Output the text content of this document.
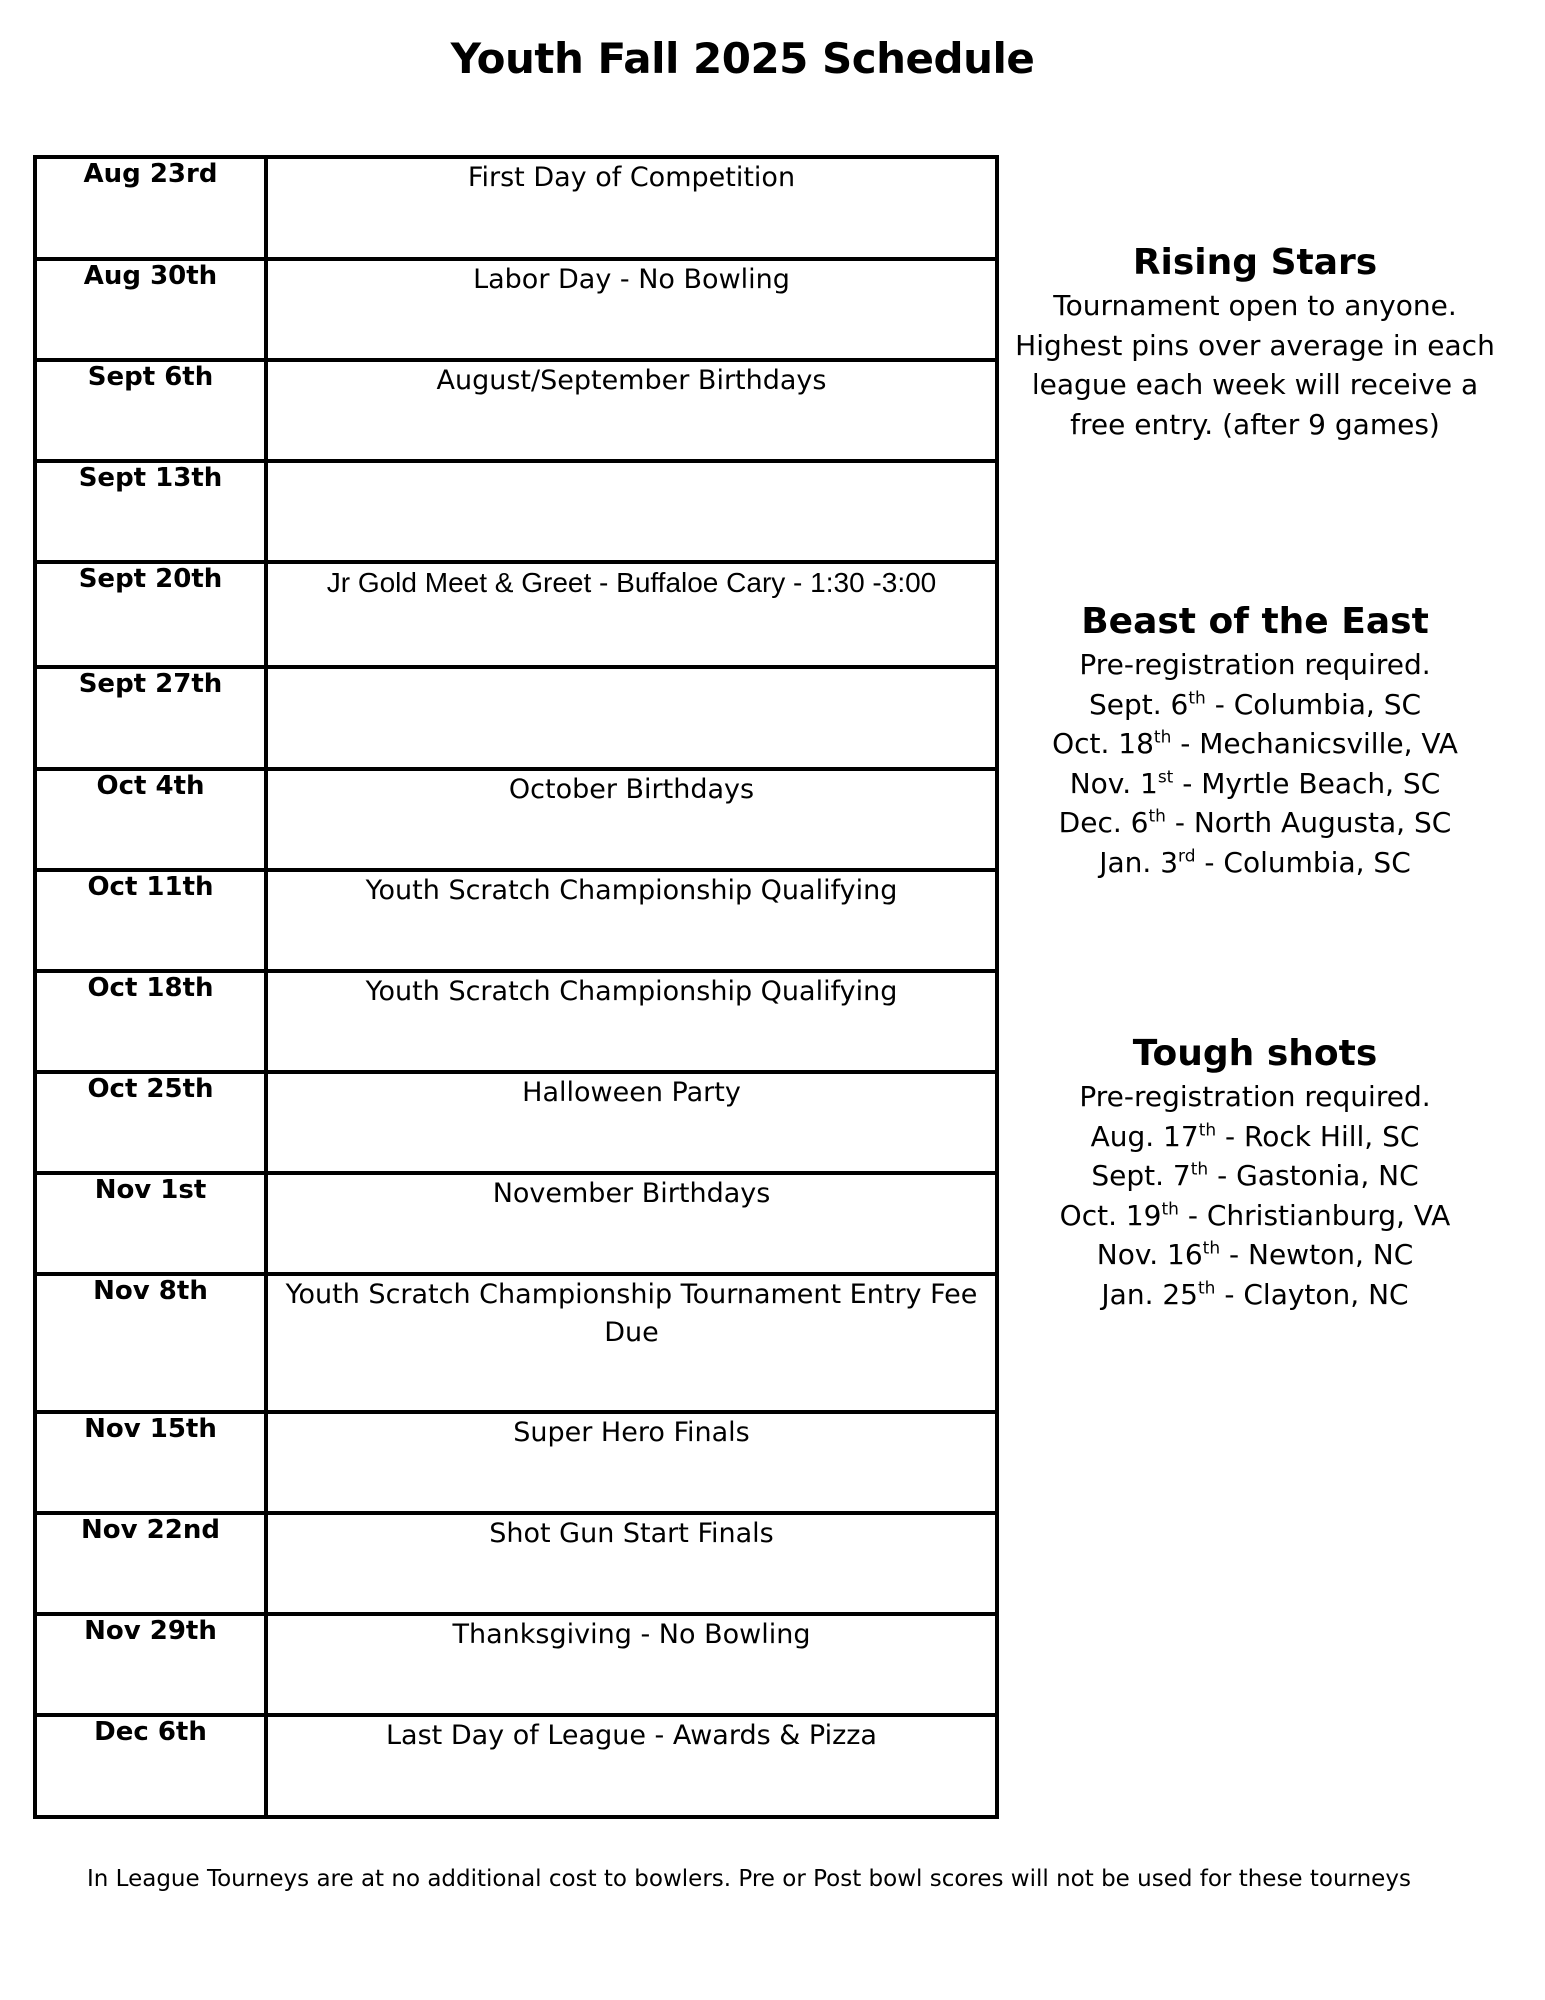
Youth Fall 2025 Schedule
Aug 23rd	First Day of Competition
Aug 30th	Labor Day - No Bowling
Sept 6th	August/September Birthdays
Sept 13th	
Sept 20th	Jr Gold Meet & Greet - Buffaloe Cary - 1:30 -3:00
Sept 27th	
Oct 4th	October Birthdays
Oct 11th	Youth Scratch Championship Qualifying
Oct 18th	Youth Scratch Championship Qualifying
Oct 25th	Halloween Party
Nov 1st	November Birthdays
Nov 8th	Youth Scratch Championship Tournament Entry Fee Due
Nov 15th	Super Hero Finals
Nov 22nd	Shot Gun Start Finals
Nov 29th	Thanksgiving - No Bowling
Dec 6th	Last Day of League - Awards & Pizza
Rising Stars

Tournament open to anyone.

Highest pins over average in each

league each week will receive a

free entry. (after 9 games)

Beast of the East

Pre-registration required.

Sept. 6th - Columbia, SC

Oct. 18th - Mechanicsville, VA

Nov. 1st - Myrtle Beach, SC

Dec. 6th - North Augusta, SC

Jan. 3rd - Columbia, SC

Tough shots

Pre-registration required.

Aug. 17th - Rock Hill, SC

Sept. 7th - Gastonia, NC

Oct. 19th - Christianburg, VA

Nov. 16th - Newton, NC

Jan. 25th - Clayton, NC

In League Tourneys are at no additional cost to bowlers. Pre or Post bowl scores will not be used for these tourneys
